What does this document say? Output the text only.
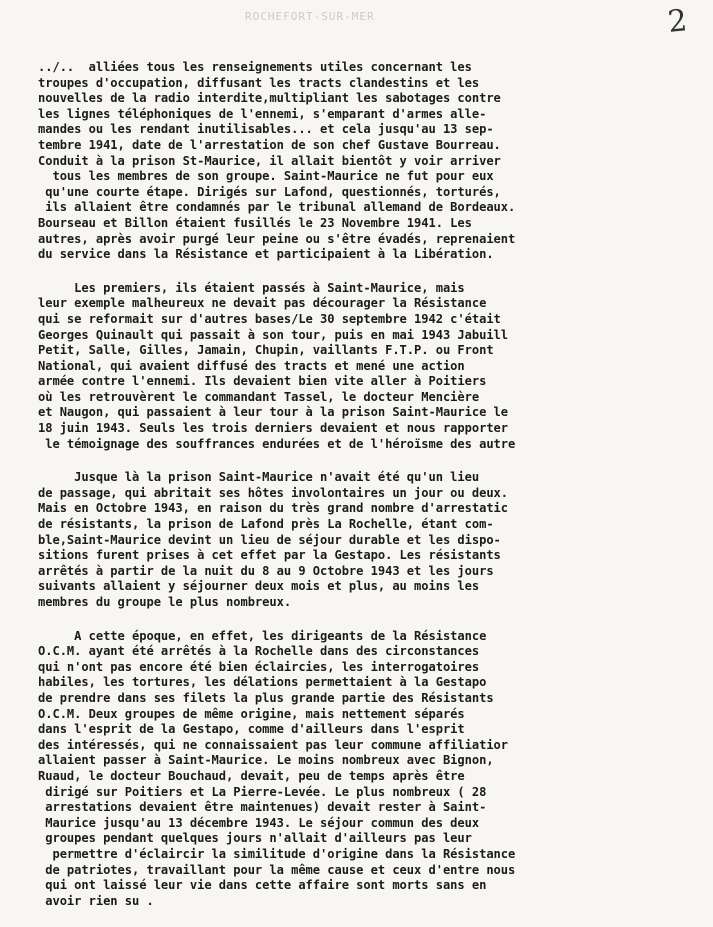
ROCHEFORT-SUR-MER	2
../..  alliées tous les renseignements utiles concernant les
troupes d'occupation, diffusant les tracts clandestins et les
nouvelles de la radio interdite,multipliant les sabotages contre
les lignes téléphoniques de l'ennemi, s'emparant d'armes alle-
mandes ou les rendant inutilisables... et cela jusqu'au 13 sep-
tembre 1941, date de l'arrestation de son chef Gustave Bourreau.
Conduit à la prison St-Maurice, il allait bientôt y voir arriver
tous les membres de son groupe. Saint-Maurice ne fut pour eux
qu'une courte étape. Dirigés sur Lafond, questionnés, torturés,
ils allaient être condamnés par le tribunal allemand de Bordeaux.
Bourseau et Billon étaient fusillés le 23 Novembre 1941. Les
autres, après avoir purgé leur peine ou s'être évadés, reprenaient
du service dans la Résistance et participaient à la Libération.
Les premiers, ils étaient passés à Saint-Maurice, mais
leur exemple malheureux ne devait pas décourager la Résistance
qui se reformait sur d'autres bases/Le 30 septembre 1942 c'était
Georges Quinault qui passait à son tour, puis en mai 1943 Jabuill
Petit, Salle, Gilles, Jamain, Chupin, vaillants F.T.P. ou Front
National, qui avaient diffusé des tracts et mené une action
armée contre l'ennemi. Ils devaient bien vite aller à Poitiers
où les retrouvèrent le commandant Tassel, le docteur Mencière
et Naugon, qui passaient à leur tour à la prison Saint-Maurice le
18 juin 1943. Seuls les trois derniers devaient et nous rapporter
le témoignage des souffrances endurées et de l'héroïsme des autre
Jusque là la prison Saint-Maurice n'avait été qu'un lieu
de passage, qui abritait ses hôtes involontaires un jour ou deux.
Mais en Octobre 1943, en raison du très grand nombre d'arrestatic
de résistants, la prison de Lafond près La Rochelle, étant com-
ble,Saint-Maurice devint un lieu de séjour durable et les dispo-
sitions furent prises à cet effet par la Gestapo. Les résistants
arrêtés à partir de la nuit du 8 au 9 Octobre 1943 et les jours
suivants allaient y séjourner deux mois et plus, au moins les
membres du groupe le plus nombreux.
A cette époque, en effet, les dirigeants de la Résistance
O.C.M. ayant été arrêtés à la Rochelle dans des circonstances
qui n'ont pas encore été bien éclaircies, les interrogatoires
habiles, les tortures, les délations permettaient à la Gestapo
de prendre dans ses filets la plus grande partie des Résistants
O.C.M. Deux groupes de même origine, mais nettement séparés
dans l'esprit de la Gestapo, comme d'ailleurs dans l'esprit
des intéressés, qui ne connaissaient pas leur commune affiliatior
allaient passer à Saint-Maurice. Le moins nombreux avec Bignon,
Ruaud, le docteur Bouchaud, devait, peu de temps après être
dirigé sur Poitiers et La Pierre-Levée. Le plus nombreux ( 28
arrestations devaient être maintenues) devait rester à Saint-
Maurice jusqu'au 13 décembre 1943. Le séjour commun des deux
groupes pendant quelques jours n'allait d'ailleurs pas leur
permettre d'éclaircir la similitude d'origine dans la Résistance
de patriotes, travaillant pour la même cause et ceux d'entre nous
qui ont laissé leur vie dans cette affaire sont morts sans en
avoir rien su .
